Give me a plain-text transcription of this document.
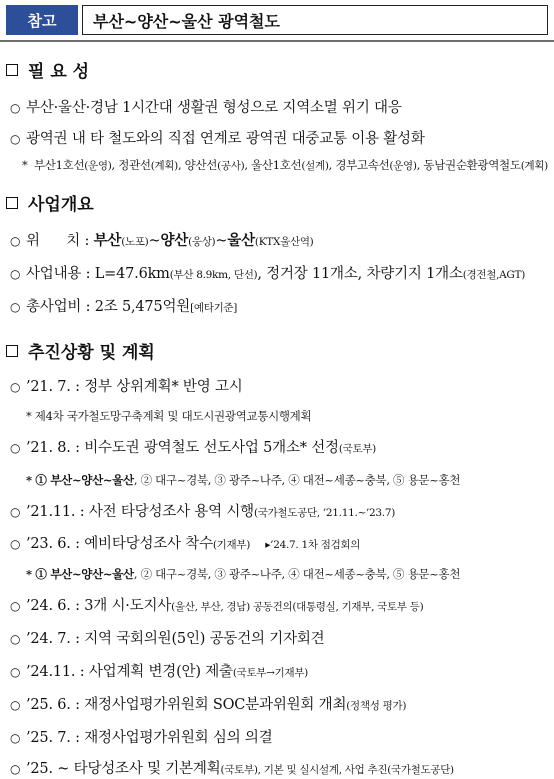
참고	부산~양산~울산 광역철도
필 요 성
○ 부산·울산·경남 1시간대 생활권 형성으로 지역소멸 위기 대응
○ 광역권 내 타 철도와의 직접 연계로 광역권 대중교통 이용 활성화
* 부산1호선 (운영) , 정관선 (계획) , 양산선 (공사) , 울산1호선 (설계) , 경부고속선 (운영) , 동남권순환광역철도 (계획)
사업개요
○ 위      치 : 부산 (노포) ~ 양산 (웅상) ~ 울산 (KTX울산역)
○ 사업내용 : L=47.6km (부산 8.9km, 단선) , 정거장 11개소, 차량기지 1개소 (경전철,AGT)
○ 총사업비 : 2조 5,475억원 [예타기준]
추진상황 및 계획
○ ’21. 7. : 정부 상위계획* 반영 고시
* 제4차 국가철도망구축계획 및 대도시권광역교통시행계획
○ ’21. 8. : 비수도권 광역철도 선도사업 5개소* 선정 (국토부)
* ① 부산~양산~울산 , ② 대구~경북, ③ 광주~나주, ④ 대전~세종~충북, ⑤ 용문~홍천
○ ’21.11. : 사전 타당성조사 용역 시행 (국가철도공단, ’21.11.~’23.7)
○ ’23. 6. : 예비타당성조사 착수 (기재부)     ▸’24.7. 1차 점검회의
* ① 부산~양산~울산 , ② 대구~경북, ③ 광주~나주, ④ 대전~세종~충북, ⑤ 용문~홍천
○ ’24. 6. : 3개 시·도지사 (울산, 부산, 경남) 공동건의(대통령실, 기재부, 국토부 등)
○ ’24. 7. : 지역 국회의원(5인) 공동건의 기자회견
○ ’24.11. : 사업계획 변경(안) 제출 (국토부→기재부)
○ ’25. 6. : 재정사업평가위원회 SOC분과위원회 개최 (정책성 평가)
○ ’25. 7. : 재정사업평가위원회 심의 의결
○ ’25. ~ 타당성조사 및 기본계획 (국토부), 기본 및 실시설계, 사업 추진(국가철도공단)
